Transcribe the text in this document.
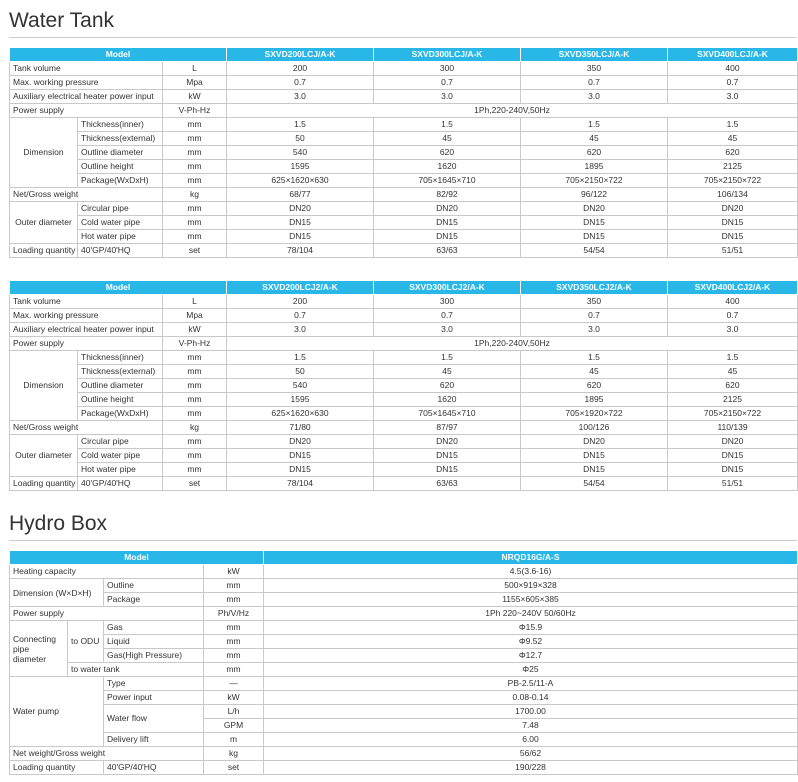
Water Tank
Model			SXVD200LCJ/A-K	SXVD300LCJ/A-K	SXVD350LCJ/A-K	SXVD400LCJ/A-K
Tank volume		L	200	300	350	400
Max. working pressure		Mpa	0.7	0.7	0.7	0.7
Auxiliary electrical heater power input		kW	3.0	3.0	3.0	3.0
Power supply		V-Ph-Hz	1Ph,220-240V,50Hz			
Dimension	Thickness(inner)	mm	1.5	1.5	1.5	1.5
	Thickness(external)	mm	50	45	45	45
	Outline diameter	mm	540	620	620	620
	Outline height	mm	1595	1620	1895	2125
	Package(WxDxH)	mm	625×1620×630	705×1645×710	705×2150×722	705×2150×722
Net/Gross weight		kg	68/77	82/92	96/122	106/134
Outer diameter	Circular pipe	mm	DN20	DN20	DN20	DN20
	Cold water pipe	mm	DN15	DN15	DN15	DN15
	Hot water pipe	mm	DN15	DN15	DN15	DN15
Loading quantity	40'GP/40'HQ	set	78/104	63/63	54/54	51/51
Model			SXVD200LCJ2/A-K	SXVD300LCJ2/A-K	SXVD350LCJ2/A-K	SXVD400LCJ2/A-K
Tank volume		L	200	300	350	400
Max. working pressure		Mpa	0.7	0.7	0.7	0.7
Auxiliary electrical heater power input		kW	3.0	3.0	3.0	3.0
Power supply		V-Ph-Hz	1Ph,220-240V,50Hz			
Dimension	Thickness(inner)	mm	1.5	1.5	1.5	1.5
	Thickness(external)	mm	50	45	45	45
	Outline diameter	mm	540	620	620	620
	Outline height	mm	1595	1620	1895	2125
	Package(WxDxH)	mm	625×1620×630	705×1645×710	705×1920×722	705×2150×722
Net/Gross weight		kg	71/80	87/97	100/126	110/139
Outer diameter	Circular pipe	mm	DN20	DN20	DN20	DN20
	Cold water pipe	mm	DN15	DN15	DN15	DN15
	Hot water pipe	mm	DN15	DN15	DN15	DN15
Loading quantity	40'GP/40'HQ	set	78/104	63/63	54/54	51/51
Hydro Box
Model				NRQD16G/A-S
Heating capacity			kW	4.5(3.6-16)
Dimension (W×D×H)		Outline	mm	500×919×328
		Package	mm	1155×605×385
Power supply			Ph/V/Hz	1Ph 220~240V 50/60Hz
Connecting pipe diameter	to ODU	Gas	mm	Φ15.9
		Liquid	mm	Φ9.52
		Gas(High Pressure)	mm	Φ12.7
	to water tank		mm	Φ25
Water pump		Type	—	PB-2.5/11-A
		Power input	kW	0.08-0.14
		Water flow	L/h	1700.00
			GPM	7.48
		Delivery lift	m	6.00
Net weight/Gross weight			kg	56/62
Loading quantity		40'GP/40'HQ	set	190/228
